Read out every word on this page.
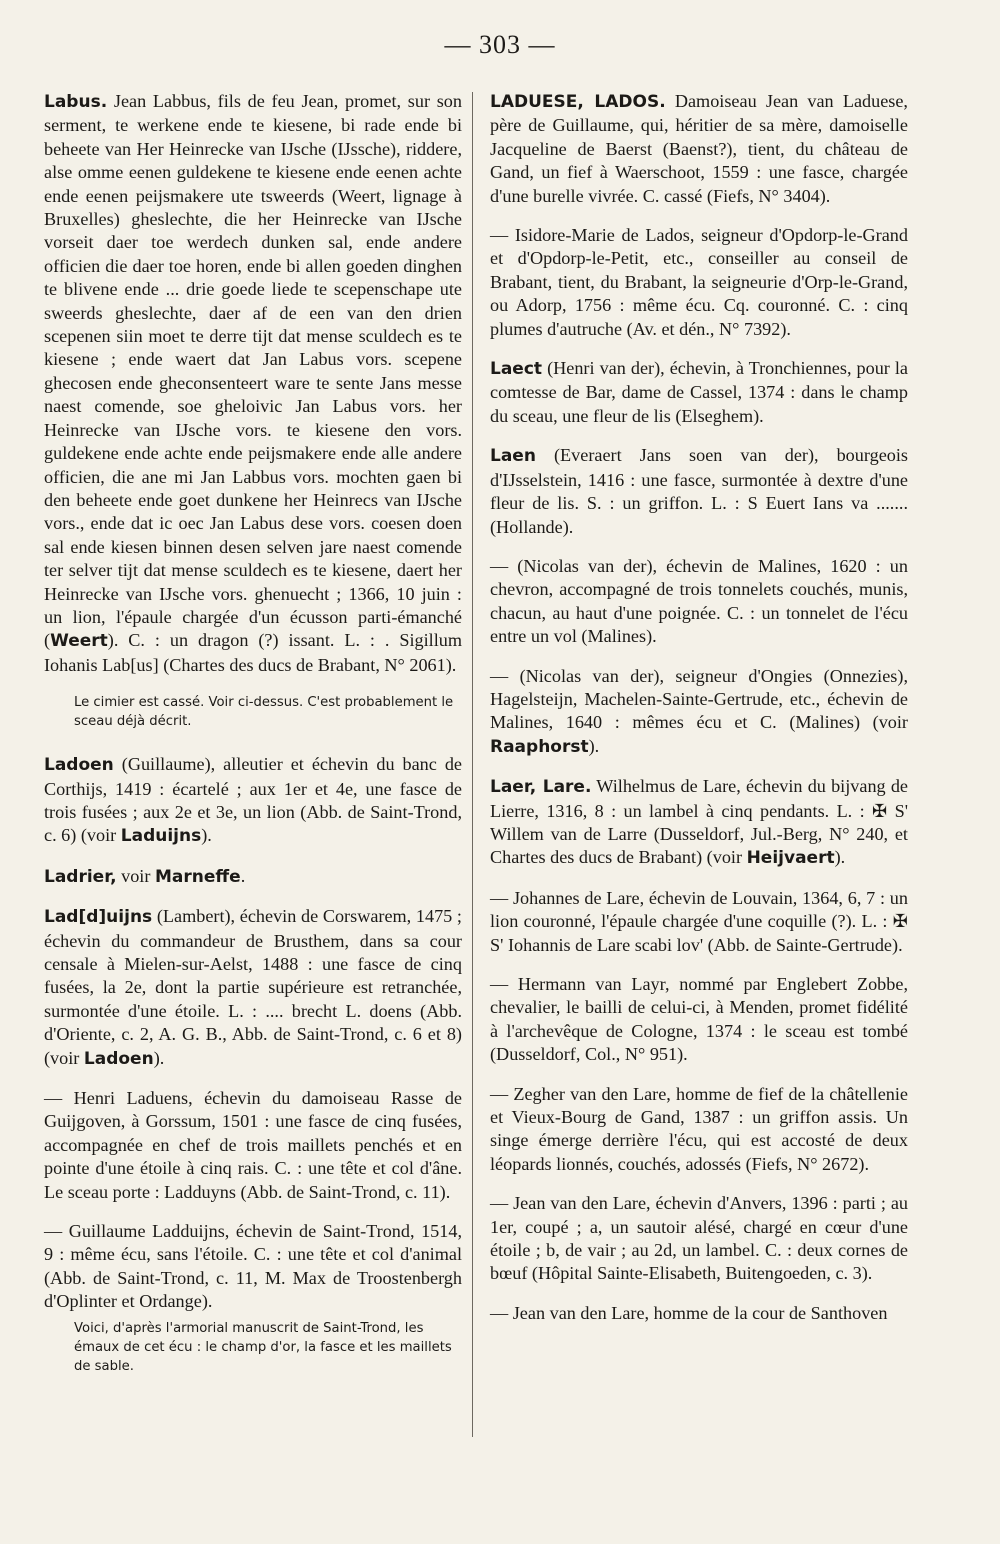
— 303 —
Labus. Jean Labbus, fils de feu Jean, promet, sur son serment, te werkene ende te kiesene, bi rade ende bi beheete van Her Heinrecke van IJsche (IJssche), riddere, alse omme eenen guldekene te kiesene ende eenen achte ende eenen peijsmakere ute tsweerds (Weert, lignage à Bruxelles) gheslechte, die her Heinrecke van IJsche vorseit daer toe werdech dunken sal, ende andere officien die daer toe horen, ende bi allen goeden dinghen te blivene ende ... drie goede liede te scepenschape ute sweerds gheslechte, daer af de een van den drien scepenen siin moet te derre tijt dat mense sculdech es te kiesene ; ende waert dat Jan Labus vors. scepene ghecosen ende gheconsenteert ware te sente Jans messe naest comende, soe gheloivic Jan Labus vors. her Heinrecke van IJsche vors. te kiesene den vors. guldekene ende achte ende peijsmakere ende alle andere officien, die ane mi Jan Labbus vors. mochten gaen bi den beheete ende goet dunkene her Heinrecs van IJsche vors., ende dat ic oec Jan Labus dese vors. coesen doen sal ende kiesen binnen desen selven jare naest comende ter selver tijt dat mense sculdech es te kiesene, daert her Heinrecke van IJsche vors. ghenuecht ; 1366, 10 juin : un lion, l'épaule chargée d'un écusson parti-émanché (Weert). C. : un dragon (?) issant. L. : . Sigillum Iohanis Lab[us] (Chartes des ducs de Brabant, N° 2061).
Le cimier est cassé. Voir ci-dessus. C'est probablement le sceau déjà décrit.
Ladoen (Guillaume), alleutier et échevin du banc de Corthijs, 1419 : écartelé ; aux 1er et 4e, une fasce de trois fusées ; aux 2e et 3e, un lion (Abb. de Saint-Trond, c. 6) (voir Laduijns).
Ladrier, voir Marneffe.
Lad[d]uijns (Lambert), échevin de Corswarem, 1475 ; échevin du commandeur de Brusthem, dans sa cour censale à Mielen-sur-Aelst, 1488 : une fasce de cinq fusées, la 2e, dont la partie supérieure est retranchée, surmontée d'une étoile. L. : .... brecht L. doens (Abb. d'Oriente, c. 2, A. G. B., Abb. de Saint-Trond, c. 6 et 8) (voir Ladoen).
— Henri Laduens, échevin du damoiseau Rasse de Guijgoven, à Gorssum, 1501 : une fasce de cinq fusées, accompagnée en chef de trois maillets penchés et en pointe d'une étoile à cinq rais. C. : une tête et col d'âne. Le sceau porte : Ladduyns (Abb. de Saint-Trond, c. 11).
— Guillaume Ladduijns, échevin de Saint-Trond, 1514, 9 : même écu, sans l'étoile. C. : une tête et col d'animal (Abb. de Saint-Trond, c. 11, M. Max de Troostenbergh d'Oplinter et Ordange).
Voici, d'après l'armorial manuscrit de Saint-Trond, les émaux de cet écu : le champ d'or, la fasce et les maillets de sable.
LADUESE, LADOS. Damoiseau Jean van Laduese, père de Guillaume, qui, héritier de sa mère, damoiselle Jacqueline de Baerst (Baenst?), tient, du château de Gand, un fief à Waerschoot, 1559 : une fasce, chargée d'une burelle vivrée. C. cassé (Fiefs, N° 3404).
— Isidore-Marie de Lados, seigneur d'Opdorp-le-Grand et d'Opdorp-le-Petit, etc., conseiller au conseil de Brabant, tient, du Brabant, la seigneurie d'Orp-le-Grand, ou Adorp, 1756 : même écu. Cq. couronné. C. : cinq plumes d'autruche (Av. et dén., N° 7392).
Laect (Henri van der), échevin, à Tronchiennes, pour la comtesse de Bar, dame de Cassel, 1374 : dans le champ du sceau, une fleur de lis (Elseghem).
Laen (Everaert Jans soen van der), bourgeois d'IJsselstein, 1416 : une fasce, surmontée à dextre d'une fleur de lis. S. : un griffon. L. : S Euert Ians va ....... (Hollande).
— (Nicolas van der), échevin de Malines, 1620 : un chevron, accompagné de trois tonnelets couchés, munis, chacun, au haut d'une poignée. C. : un tonnelet de l'écu entre un vol (Malines).
— (Nicolas van der), seigneur d'Ongies (Onnezies), Hagelsteijn, Machelen-Sainte-Gertrude, etc., échevin de Malines, 1640 : mêmes écu et C. (Malines) (voir Raaphorst).
Laer, Lare. Wilhelmus de Lare, échevin du bijvang de Lierre, 1316, 8 : un lambel à cinq pendants. L. : ✠ S' Willem van de Larre (Dusseldorf, Jul.-Berg, N° 240, et Chartes des ducs de Brabant) (voir Heijvaert).
— Johannes de Lare, échevin de Louvain, 1364, 6, 7 : un lion couronné, l'épaule chargée d'une coquille (?). L. : ✠ S' Iohannis de Lare scabi lov' (Abb. de Sainte-Gertrude).
— Hermann van Layr, nommé par Englebert Zobbe, chevalier, le bailli de celui-ci, à Menden, promet fidélité à l'archevêque de Cologne, 1374 : le sceau est tombé (Dusseldorf, Col., N° 951).
— Zegher van den Lare, homme de fief de la châtellenie et Vieux-Bourg de Gand, 1387 : un griffon assis. Un singe émerge derrière l'écu, qui est accosté de deux léopards lionnés, couchés, adossés (Fiefs, N° 2672).
— Jean van den Lare, échevin d'Anvers, 1396 : parti ; au 1er, coupé ; a, un sautoir alésé, chargé en cœur d'une étoile ; b, de vair ; au 2d, un lambel. C. : deux cornes de bœuf (Hôpital Sainte-Elisabeth, Buitengoeden, c. 3).
— Jean van den Lare, homme de la cour de Santhoven
